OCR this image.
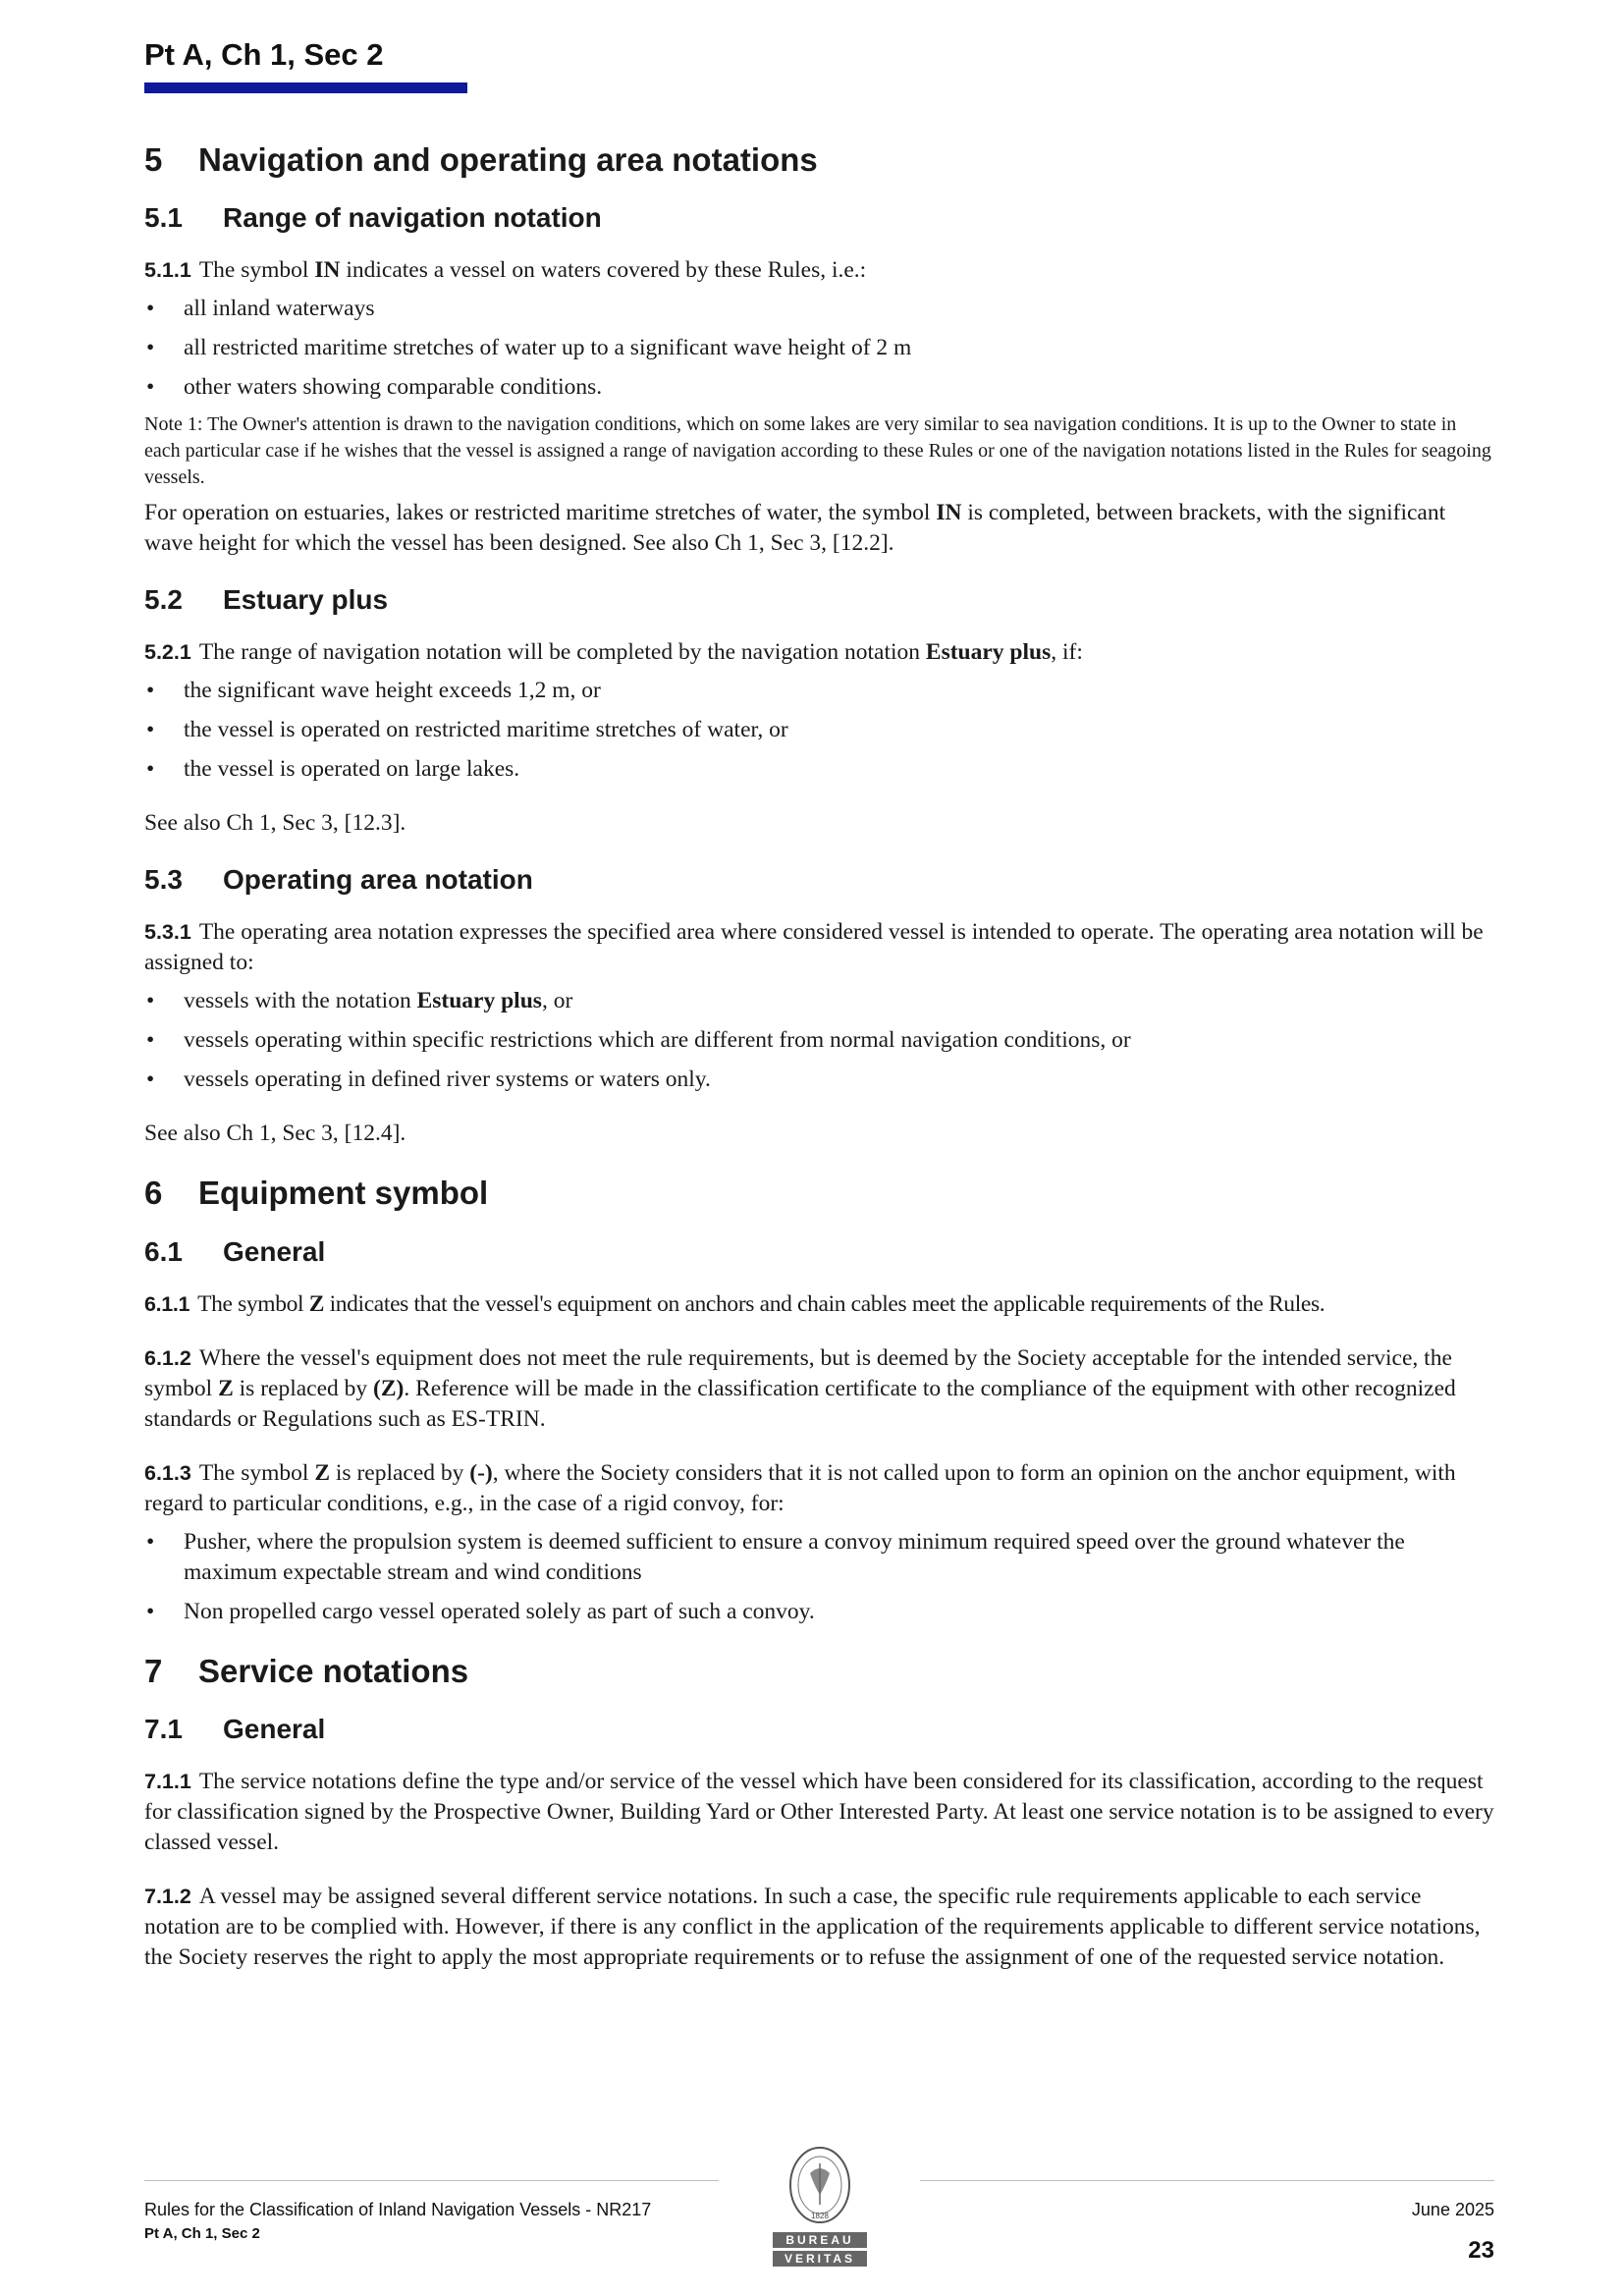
Pt A, Ch 1, Sec 2
5 Navigation and operating area notations
5.1 Range of navigation notation

5.1.1 The symbol IN indicates a vessel on waters covered by these Rules, i.e.:

• all inland waterways
• all restricted maritime stretches of water up to a significant wave height of 2 m
• other waters showing comparable conditions.

Note 1: The Owner's attention is drawn to the navigation conditions, which on some lakes are very similar to sea navigation conditions. It is up to the Owner to state in each particular case if he wishes that the vessel is assigned a range of navigation according to these Rules or one of the navigation notations listed in the Rules for seagoing vessels.

For operation on estuaries, lakes or restricted maritime stretches of water, the symbol IN is completed, between brackets, with the significant wave height for which the vessel has been designed. See also Ch 1, Sec 3, [12.2].

5.2 Estuary plus

5.2.1 The range of navigation notation will be completed by the navigation notation Estuary plus, if:

• the significant wave height exceeds 1,2 m, or
• the vessel is operated on restricted maritime stretches of water, or
• the vessel is operated on large lakes.

See also Ch 1, Sec 3, [12.3].

5.3 Operating area notation

5.3.1 The operating area notation expresses the specified area where considered vessel is intended to operate. The operating area notation will be assigned to:

• vessels with the notation Estuary plus, or
• vessels operating within specific restrictions which are different from normal navigation conditions, or
• vessels operating in defined river systems or waters only.

See also Ch 1, Sec 3, [12.4].

6 Equipment symbol
6.1 General

6.1.1 The symbol Z indicates that the vessel's equipment on anchors and chain cables meet the applicable requirements of the Rules.

6.1.2 Where the vessel's equipment does not meet the rule requirements, but is deemed by the Society acceptable for the intended service, the symbol Z is replaced by (Z). Reference will be made in the classification certificate to the compliance of the equipment with other recognized standards or Regulations such as ES-TRIN.

6.1.3 The symbol Z is replaced by (-), where the Society considers that it is not called upon to form an opinion on the anchor equipment, with regard to particular conditions, e.g., in the case of a rigid convoy, for:

• Pusher, where the propulsion system is deemed sufficient to ensure a convoy minimum required speed over the ground whatever the maximum expectable stream and wind conditions
• Non propelled cargo vessel operated solely as part of such a convoy.
7 Service notations
7.1 General

7.1.1 The service notations define the type and/or service of the vessel which have been considered for its classification, according to the request for classification signed by the Prospective Owner, Building Yard or Other Interested Party. At least one service notation is to be assigned to every classed vessel.

7.1.2 A vessel may be assigned several different service notations. In such a case, the specific rule requirements applicable to each service notation are to be complied with. However, if there is any conflict in the application of the requirements applicable to different service notations, the Society reserves the right to apply the most appropriate requirements or to refuse the assignment of one of the requested service notation.

Rules for the Classification of Inland Navigation Vessels - NR217
Pt A, Ch 1, Sec 2
June 2025
23
1828
BUREAU
VERITAS
